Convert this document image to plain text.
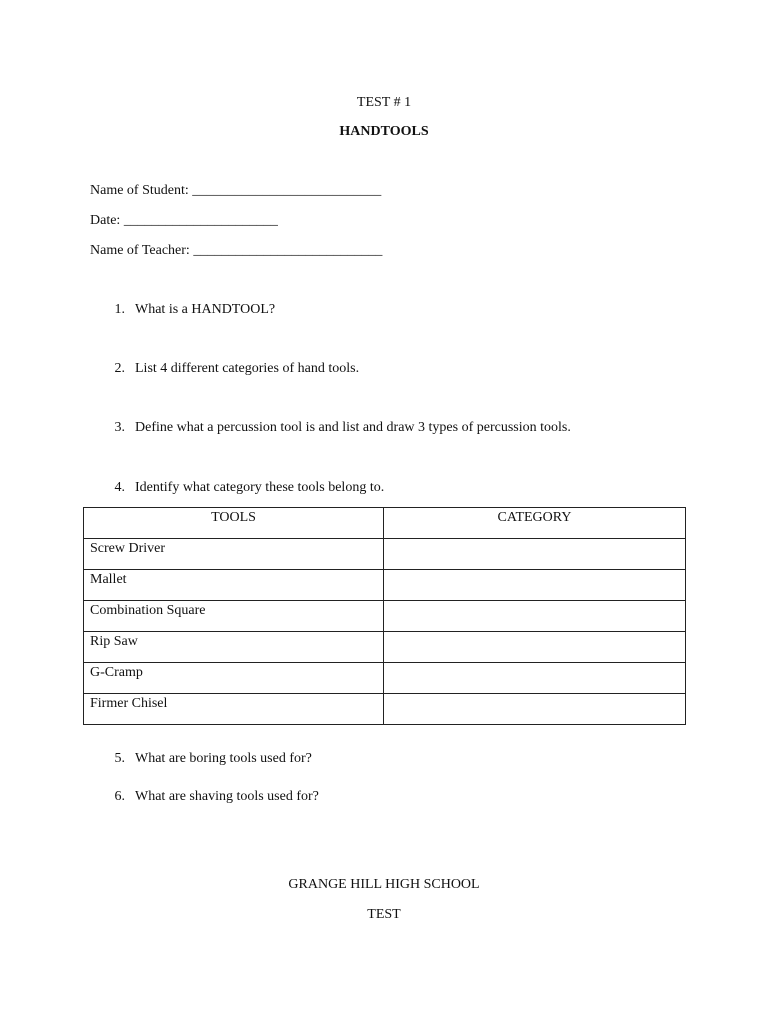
TEST # 1
HANDTOOLS
Name of Student: ___________________________
Date: ______________________
Name of Teacher: ___________________________
1. What is a HANDTOOL?
2. List 4 different categories of hand tools.
3. Define what a percussion tool is and list and draw 3 types of percussion tools.
4. Identify what category these tools belong to.
TOOLS	CATEGORY
Screw Driver	
Mallet	
Combination Square	
Rip Saw	
G-Cramp	
Firmer Chisel	
5. What are boring tools used for?
6. What are shaving tools used for?
GRANGE HILL HIGH SCHOOL
TEST
